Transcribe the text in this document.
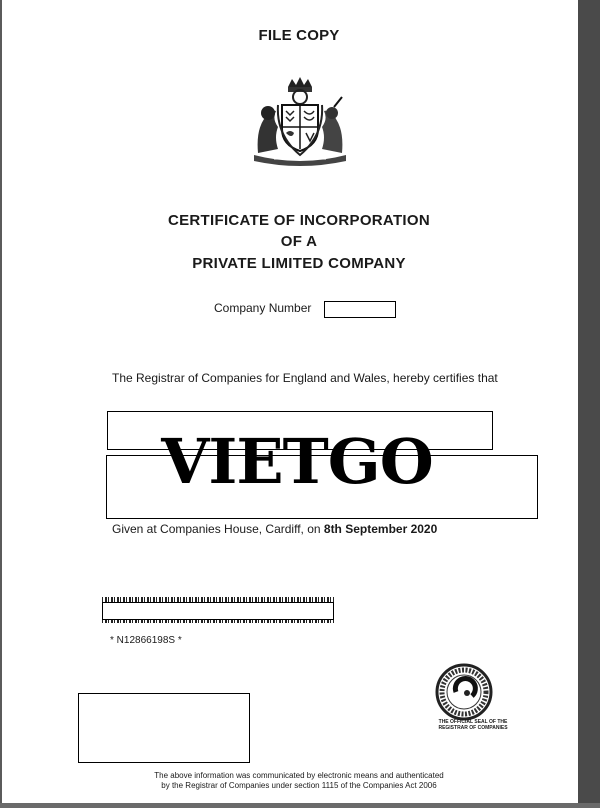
FILE COPY
CERTIFICATE OF INCORPORATION
OF A
PRIVATE LIMITED COMPANY
Company Number
The Registrar of Companies for England and Wales, hereby certifies that
VIETGO
Given at Companies House, Cardiff, on 8th September 2020
* N12866198S *
THE OFFICIAL SEAL OF THE REGISTRAR OF COMPANIES
The above information was communicated by electronic means and authenticated
by the Registrar of Companies under section 1115 of the Companies Act 2006
